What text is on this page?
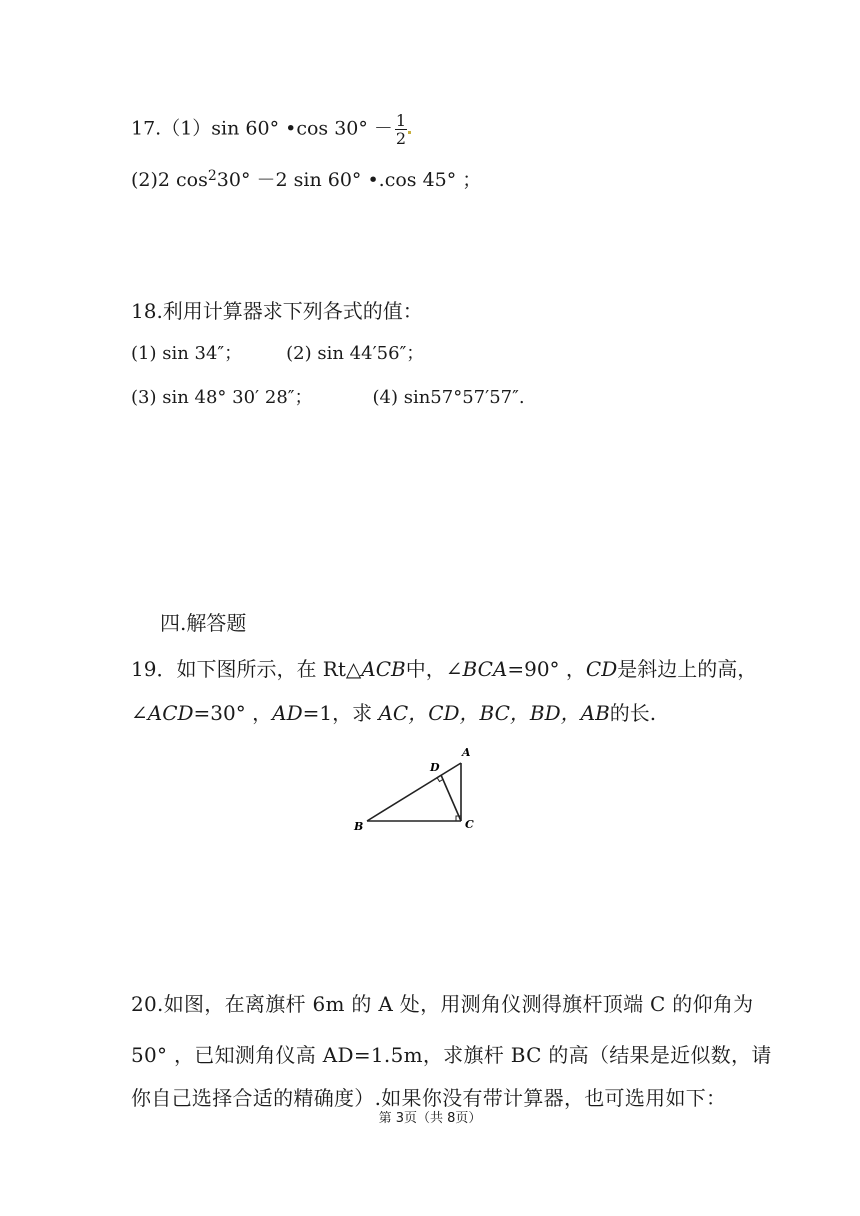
17.（1）sin 60° •cos $30^\circ - \frac{1}{2}$
(2)2 $\cos^230^\circ -2$ sin 60° •.cos 45° ；
18.利用计算器求下列各式的值：
(1) sin 34″； (2) sin 44′56″；
(3) sin 48° 30′ 28″；	(4) sin57°57′57″.
四.解答题
19．如下图所示，在 Rt△ACB中，∠BCA=90° ，CD是斜边上的高，
∠ACD=30° ，AD=1，求 AC，CD，BC，BD，AB的长.
A
B	C
D
20.如图，在离旗杆 6m 的 A 处，用测角仪测得旗杆顶端 C 的仰角为
50° ，已知测角仪高 AD=1.5m，求旗杆 BC 的高（结果是近似数，请
你自己选择合适的精确度）.如果你没有带计算器，也可选用如下：
第 3页（共 8页）
